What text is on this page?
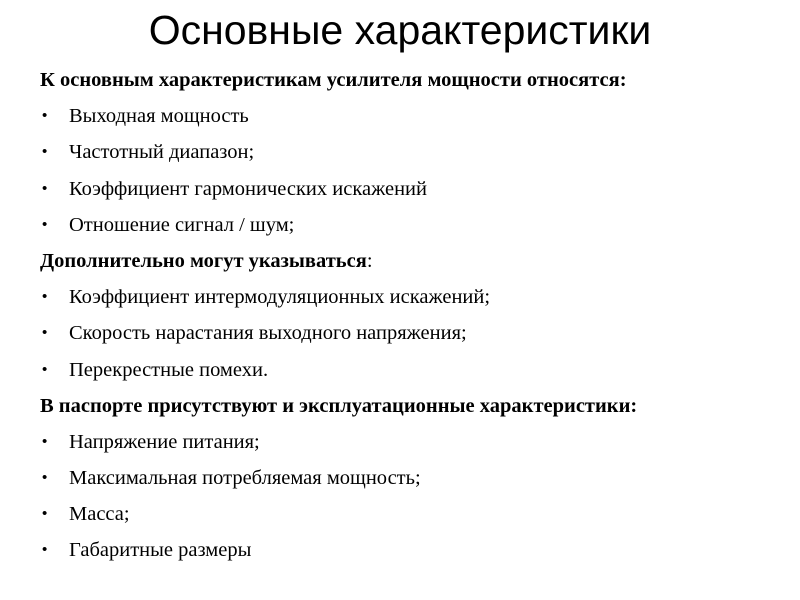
Основные характеристики
К основным характеристикам усилителя мощности относятся:
• Выходная мощность
• Частотный диапазон;
• Коэффициент гармонических искажений
• Отношение сигнал / шум;
Дополнительно могут указываться:
• Коэффициент интермодуляционных искажений;
• Скорость нарастания выходного напряжения;
• Перекрестные помехи.
В паспорте присутствуют и эксплуатационные характеристики:
• Напряжение питания;
• Максимальная потребляемая мощность;
• Масса;
• Габаритные размеры
